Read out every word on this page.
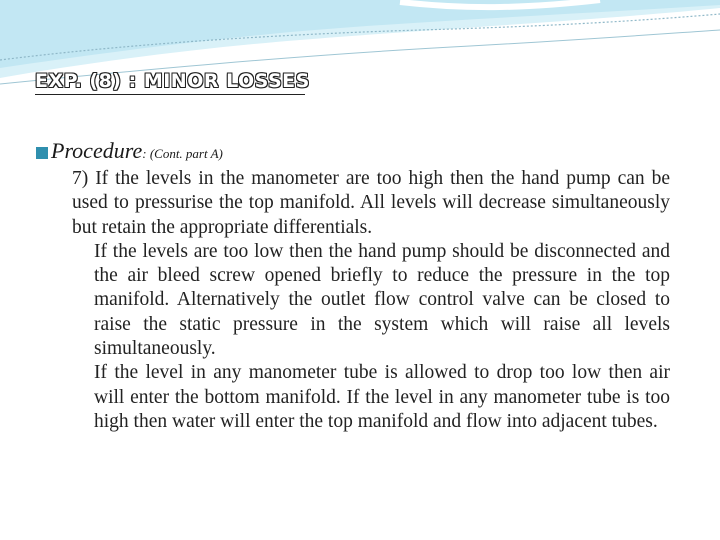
EXP. (8) : MINOR LOSSES

Procedure: (Cont. part A)

7) If the levels in the manometer are too high then the hand pump can be used to pressurise the top manifold. All levels will decrease simultaneously but retain the appropriate differentials.

If the levels are too low then the hand pump should be disconnected and the air bleed screw opened briefly to reduce the pressure in the top manifold. Alternatively the outlet flow control valve can be closed to raise the static pressure in the system which will raise all levels simultaneously.

If the level in any manometer tube is allowed to drop too low then air will enter the bottom manifold. If the level in any manometer tube is too high then water will enter the top manifold and flow into adjacent tubes.
